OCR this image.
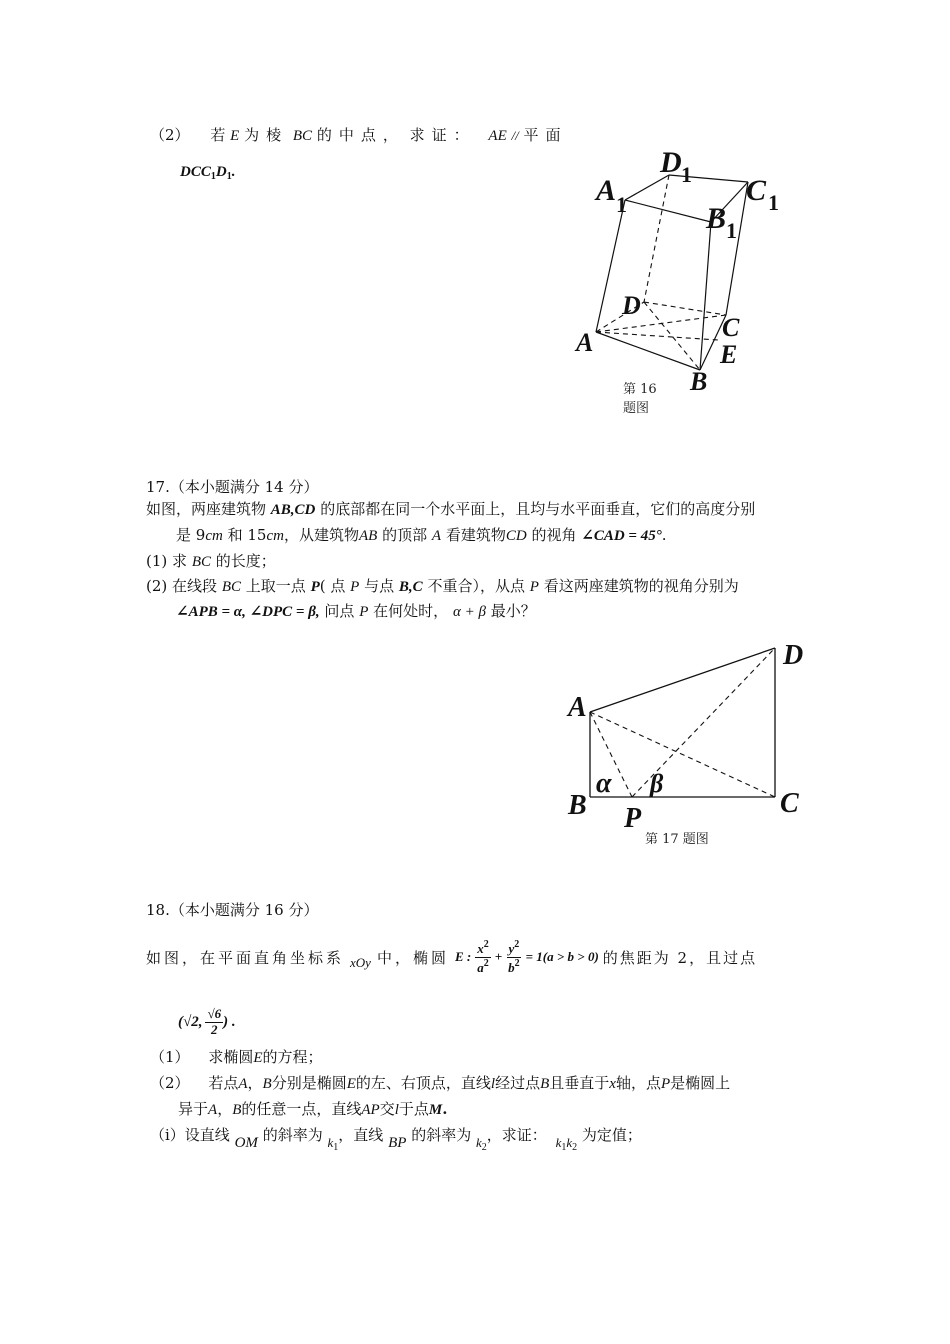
（2） 若 E 为棱 BC 的中点， 求证： AE // 平面
$DCC_1D_1$.
A 1
D 1 C 1
B 1
D
A
C
E
B
第 16
题图
17.（本小题满分 14 分）
如图，两座建筑物 AB,CD 的底部都在同一个水平面上，且均与水平面垂直，它们的高度分别
是 9cm 和 15cm，从建筑物AB 的顶部 A 看建筑物CD 的视角 ∠CAD = 45°.
(1) 求 BC 的长度；
(2) 在线段 BC 上取一点 P( 点 P 与点 B,C 不重合），从点 P 看这两座建筑物的视角分别为
∠APB = α, ∠DPC = β, 问点 P 在何处时， α + β 最小？
D
A
α β
B	C
P
第 17 题图
18.（本小题满分 16 分）
如图，在平面直角坐标系 xOy 中，椭圆 E : $\frac{x^2}{a^2} + \frac{y^2}{b^2} = 1(a > b > 0)$ 的焦距为 2，且过点
(√2, $\frac{√6}{2}$ ) .
（1） 求椭圆E的方程；
（2） 若点A，B分别是椭圆E的左、右顶点，直线l经过点B且垂直于x轴，点P是椭圆上
异于A，B的任意一点，直线AP交l于点M.
（ⅰ）设直线 OM 的斜率为 $k_1$，直线 BP 的斜率为 $k_2$，求证： $k_1k_2$ 为定值；
